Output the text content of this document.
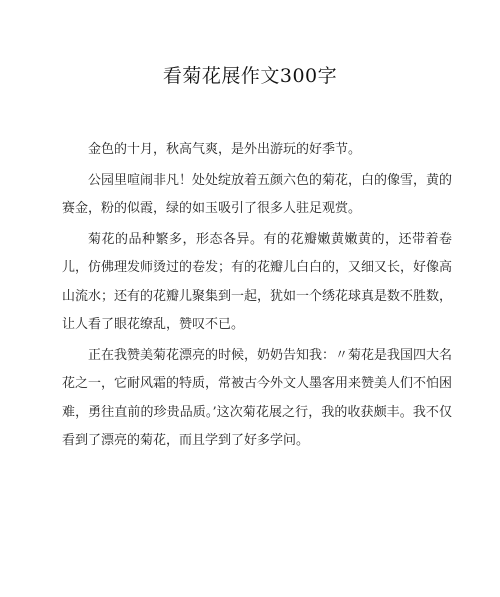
看菊花展作文300字

金色的十月，秋高气爽，是外出游玩的好季节。

公园里喧闹非凡！处处绽放着五颜六色的菊花，白的像雪，黄的赛金，粉的似霞，绿的如玉吸引了很多人驻足观赏。

菊花的品种繁多，形态各异。有的花瓣嫩黄嫩黄的，还带着卷儿，仿佛理发师烫过的卷发；有的花瓣儿白白的，又细又长，好像高山流水；还有的花瓣儿聚集到一起，犹如一个绣花球真是数不胜数，让人看了眼花缭乱，赞叹不已。

正在我赞美菊花漂亮的时候，奶奶告知我：〃菊花是我国四大名花之一，它耐风霜的特质，常被古今外文人墨客用来赞美人们不怕困难，勇往直前的珍贵品质。’这次菊花展之行，我的收获颇丰。我不仅看到了漂亮的菊花，而且学到了好多学问。
